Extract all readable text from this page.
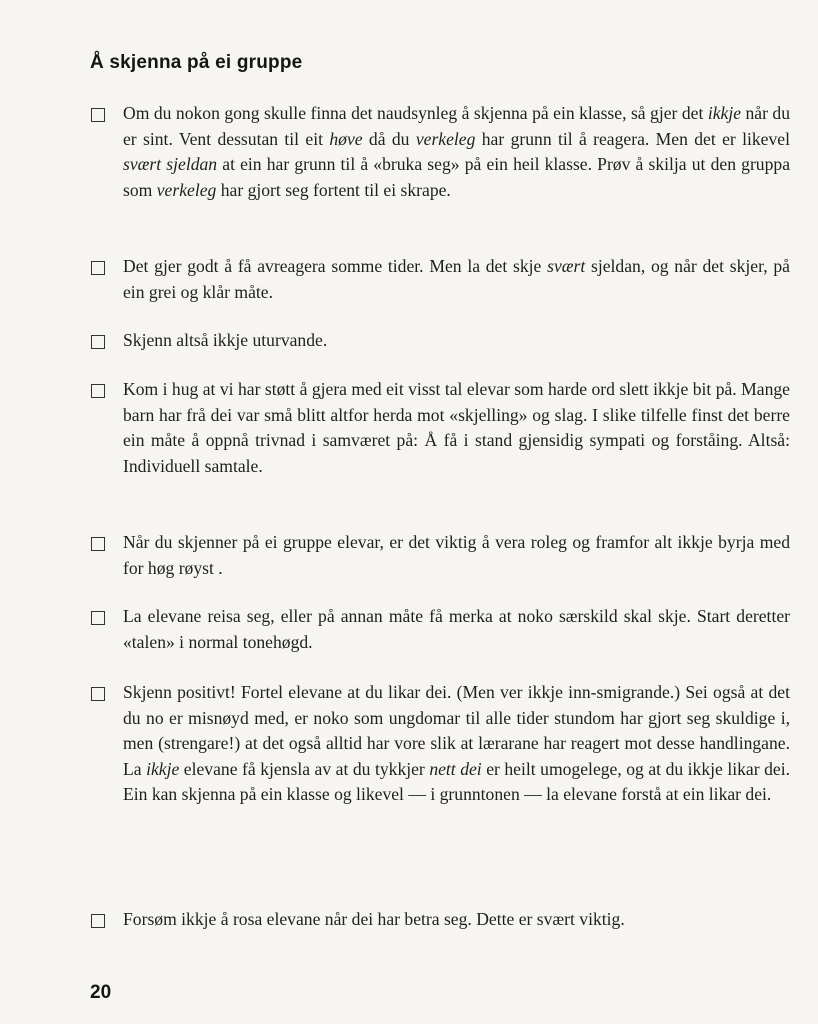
Å skjenna på ei gruppe
Om du nokon gong skulle finna det naudsynleg å skjenna på ein klasse, så gjer det ikkje når du er sint. Vent dessutan til eit høve då du verkeleg har grunn til å reagera. Men det er likevel svært sjeldan at ein har grunn til å «bruka seg» på ein heil klasse. Prøv å skilja ut den gruppa som verkeleg har gjort seg fortent til ei skrape.
Det gjer godt å få avreagera somme tider. Men la det skje svært sjeldan, og når det skjer, på ein grei og klår måte.
Skjenn altså ikkje uturvande.
Kom i hug at vi har støtt å gjera med eit visst tal elevar som harde ord slett ikkje bit på. Mange barn har frå dei var små blitt altfor herda mot «skjelling» og slag. I slike tilfelle finst det berre ein måte å oppnå trivnad i samværet på: Å få i stand gjensidig sympati og forståing. Altså: Individuell samtale.
Når du skjenner på ei gruppe elevar, er det viktig å vera roleg og framfor alt ikkje byrja med for høg røyst .
La elevane reisa seg, eller på annan måte få merka at noko særskild skal skje. Start deretter «talen» i normal tonehøgd.
Skjenn positivt! Fortel elevane at du likar dei. (Men ver ikkje inn-smigrande.) Sei også at det du no er misnøyd med, er noko som ungdomar til alle tider stundom har gjort seg skuldige i, men (strengare!) at det også alltid har vore slik at lærarane har reagert mot desse handlingane. La ikkje elevane få kjensla av at du tykkjer nett dei er heilt umogelege, og at du ikkje likar dei. Ein kan skjenna på ein klasse og likevel — i grunntonen — la elevane forstå at ein likar dei.
Forsøm ikkje å rosa elevane når dei har betra seg. Dette er svært viktig.
20
